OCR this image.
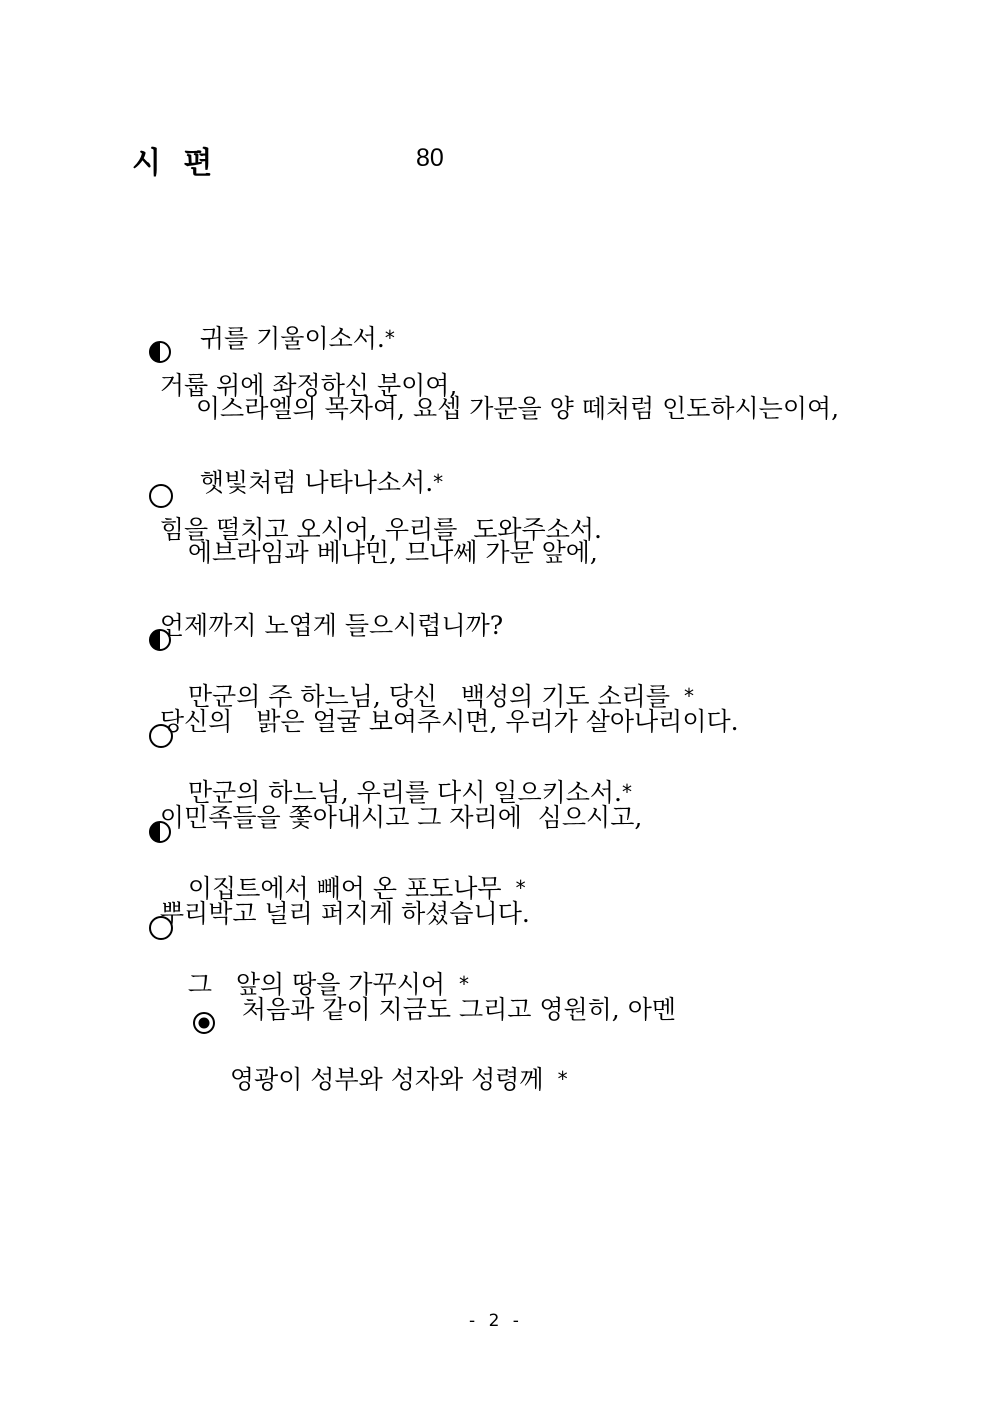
시 편	80

이스라엘의 목자여, 요셉 가문을 양 떼처럼 인도하시는이여,

귀를 기울이소서.*

거룹 위에 좌정하신 분이여,

에브라임과 베냐민, 므나쎄 가문 앞에,

햇빛처럼 나타나소서.*

힘을 떨치고 오시어, 우리를  도와주소서.

만군의 주 하느님, 당신   백성의 기도 소리를 *

언제까지 노엽게 들으시렵니까?

만군의 하느님, 우리를 다시 일으키소서.*

당신의   밝은 얼굴 보여주시면, 우리가 살아나리이다.

이집트에서 빼어 온 포도나무 *

이민족들을 쫓아내시고 그 자리에  심으시고,

그   앞의 땅을 가꾸시어 *

뿌리박고 널리 퍼지게 하셨습니다.

영광이 성부와 성자와 성령께 *

처음과 같이 지금도 그리고 영원히, 아멘

- 2 -
